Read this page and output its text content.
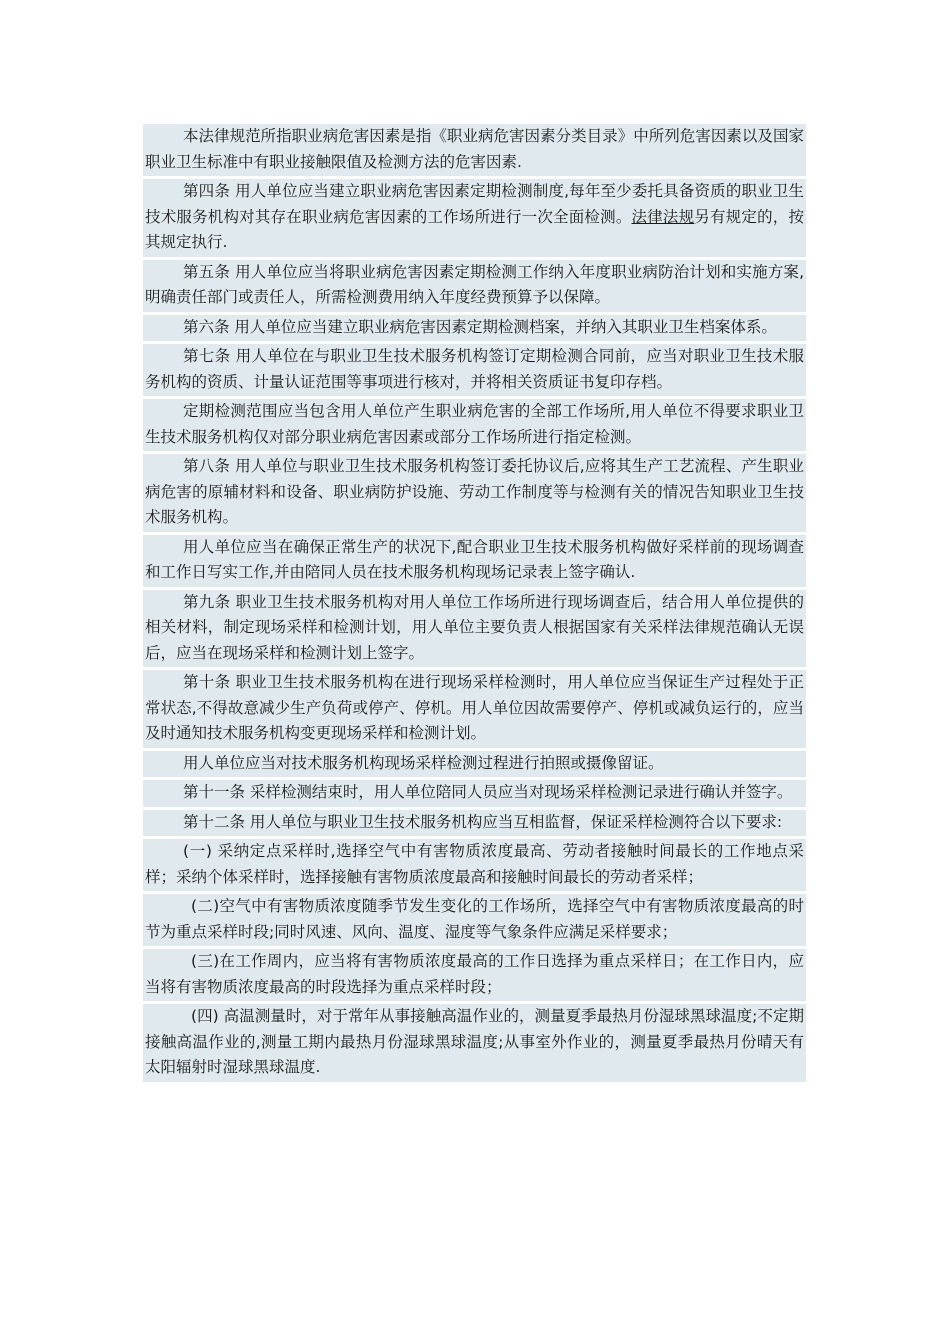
本法律规范所指职业病危害因素是指《职业病危害因素分类目录》中所列危害因素以及国家职业卫生标准中有职业接触限值及检测方法的危害因素.

第四条 用人单位应当建立职业病危害因素定期检测制度,每年至少委托具备资质的职业卫生技术服务机构对其存在职业病危害因素的工作场所进行一次全面检测。法律法规另有规定的，按其规定执行.

第五条 用人单位应当将职业病危害因素定期检测工作纳入年度职业病防治计划和实施方案,明确责任部门或责任人，所需检测费用纳入年度经费预算予以保障。

第六条 用人单位应当建立职业病危害因素定期检测档案，并纳入其职业卫生档案体系。

第七条 用人单位在与职业卫生技术服务机构签订定期检测合同前，应当对职业卫生技术服务机构的资质、计量认证范围等事项进行核对，并将相关资质证书复印存档。

定期检测范围应当包含用人单位产生职业病危害的全部工作场所,用人单位不得要求职业卫生技术服务机构仅对部分职业病危害因素或部分工作场所进行指定检测。

第八条 用人单位与职业卫生技术服务机构签订委托协议后,应将其生产工艺流程、产生职业病危害的原辅材料和设备、职业病防护设施、劳动工作制度等与检测有关的情况告知职业卫生技术服务机构。

用人单位应当在确保正常生产的状况下,配合职业卫生技术服务机构做好采样前的现场调查和工作日写实工作,并由陪同人员在技术服务机构现场记录表上签字确认.

第九条 职业卫生技术服务机构对用人单位工作场所进行现场调查后，结合用人单位提供的相关材料，制定现场采样和检测计划，用人单位主要负责人根据国家有关采样法律规范确认无误后，应当在现场采样和检测计划上签字。

第十条 职业卫生技术服务机构在进行现场采样检测时，用人单位应当保证生产过程处于正常状态,不得故意减少生产负荷或停产、停机。用人单位因故需要停产、停机或减负运行的，应当及时通知技术服务机构变更现场采样和检测计划。

用人单位应当对技术服务机构现场采样检测过程进行拍照或摄像留证。

第十一条 采样检测结束时，用人单位陪同人员应当对现场采样检测记录进行确认并签字。

第十二条 用人单位与职业卫生技术服务机构应当互相监督，保证采样检测符合以下要求:

(一) 采纳定点采样时,选择空气中有害物质浓度最高、劳动者接触时间最长的工作地点采样；采纳个体采样时，选择接触有害物质浓度最高和接触时间最长的劳动者采样；

(二)空气中有害物质浓度随季节发生变化的工作场所，选择空气中有害物质浓度最高的时节为重点采样时段;同时风速、风向、温度、湿度等气象条件应满足采样要求；

(三)在工作周内，应当将有害物质浓度最高的工作日选择为重点采样日；在工作日内，应当将有害物质浓度最高的时段选择为重点采样时段；

(四) 高温测量时，对于常年从事接触高温作业的，测量夏季最热月份湿球黑球温度;不定期接触高温作业的,测量工期内最热月份湿球黑球温度;从事室外作业的，测量夏季最热月份晴天有太阳辐射时湿球黑球温度.
